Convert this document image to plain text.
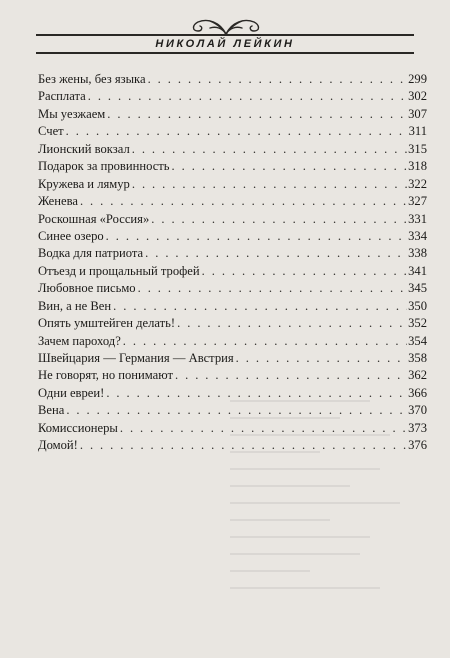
НИКОЛАЙ ЛЕЙКИН
Без жены, без языка . . .	299
Расплата . . .	302
Мы уезжаем . . .	307
Счет . . .	311
Лионский вокзал . . .	315
Подарок за провинность . . .	318
Кружева и лямур . . .	322
Женева . . .	327
Роскошная «Россия» . . .	331
Синее озеро . . .	334
Водка для патриота . . .	338
Отъезд и прощальный трофей . . .	341
Любовное письмо . . .	345
Вин, а не Вен . . .	350
Опять умштейген делать! . . .	352
Зачем пароход? . . .	354
Швейцария — Германия — Австрия . . .	358
Не говорят, но понимают . . .	362
Одни евреи! . . .	366
Вена . . .	370
Комиссионеры . . .	373
Домой! . . .	376
